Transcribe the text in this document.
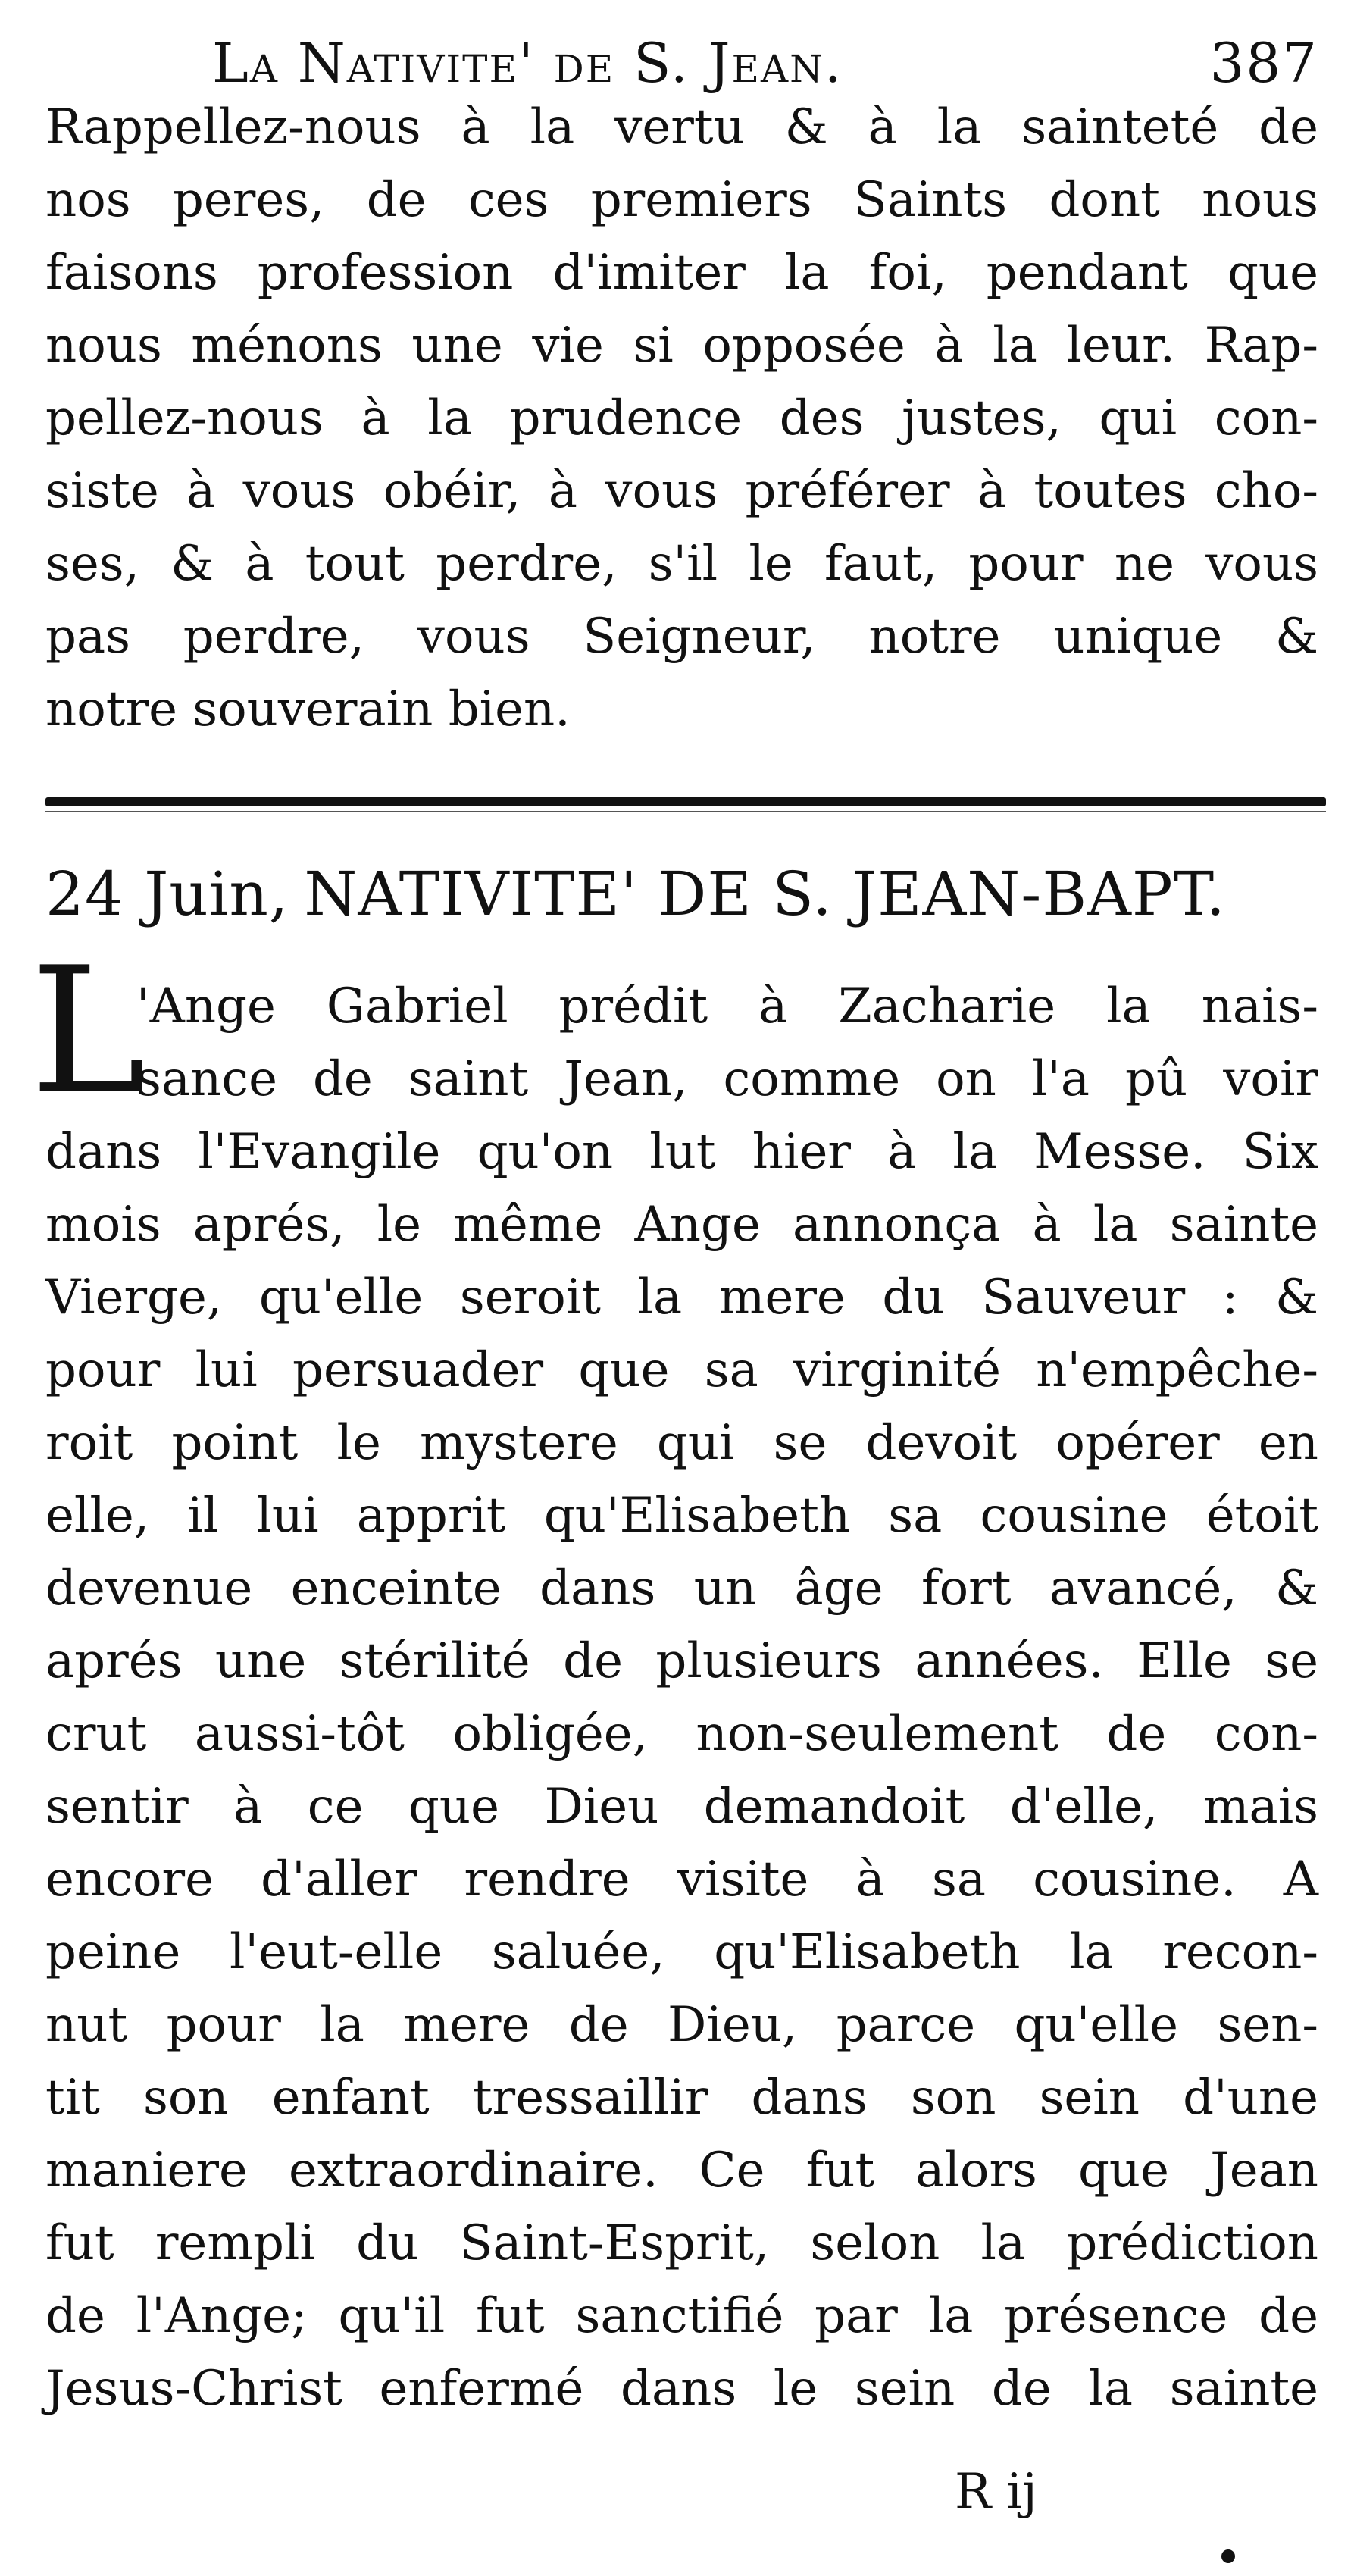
La Nativite' de S. Jean.	387
Rappellez-nous à la vertu & à la sainteté de
nos peres, de ces premiers Saints dont nous
faisons profession d'imiter la foi, pendant que
nous ménons une vie si opposée à la leur. Rap-
pellez-nous à la prudence des justes, qui con-
siste à vous obéir, à vous préférer à toutes cho-
ses, & à tout perdre, s'il le faut, pour ne vous
pas perdre, vous Seigneur, notre unique &
notre souverain bien.
24 Juin, NATIVITE' DE S. JEAN-BAPT.
L
'Ange Gabriel prédit à Zacharie la nais-
sance de saint Jean, comme on l'a pû voir
dans l'Evangile qu'on lut hier à la Messe. Six
mois aprés, le même Ange annonça à la sainte
Vierge, qu'elle seroit la mere du Sauveur : &
pour lui persuader que sa virginité n'empêche-
roit point le mystere qui se devoit opérer en
elle, il lui apprit qu'Elisabeth sa cousine étoit
devenue enceinte dans un âge fort avancé, &
aprés une stérilité de plusieurs années. Elle se
crut aussi-tôt obligée, non-seulement de con-
sentir à ce que Dieu demandoit d'elle, mais
encore d'aller rendre visite à sa cousine. A
peine l'eut-elle saluée, qu'Elisabeth la recon-
nut pour la mere de Dieu, parce qu'elle sen-
tit son enfant tressaillir dans son sein d'une
maniere extraordinaire. Ce fut alors que Jean
fut rempli du Saint-Esprit, selon la prédiction
de l'Ange; qu'il fut sanctifié par la présence de
Jesus-Christ enfermé dans le sein de la sainte
R ij
